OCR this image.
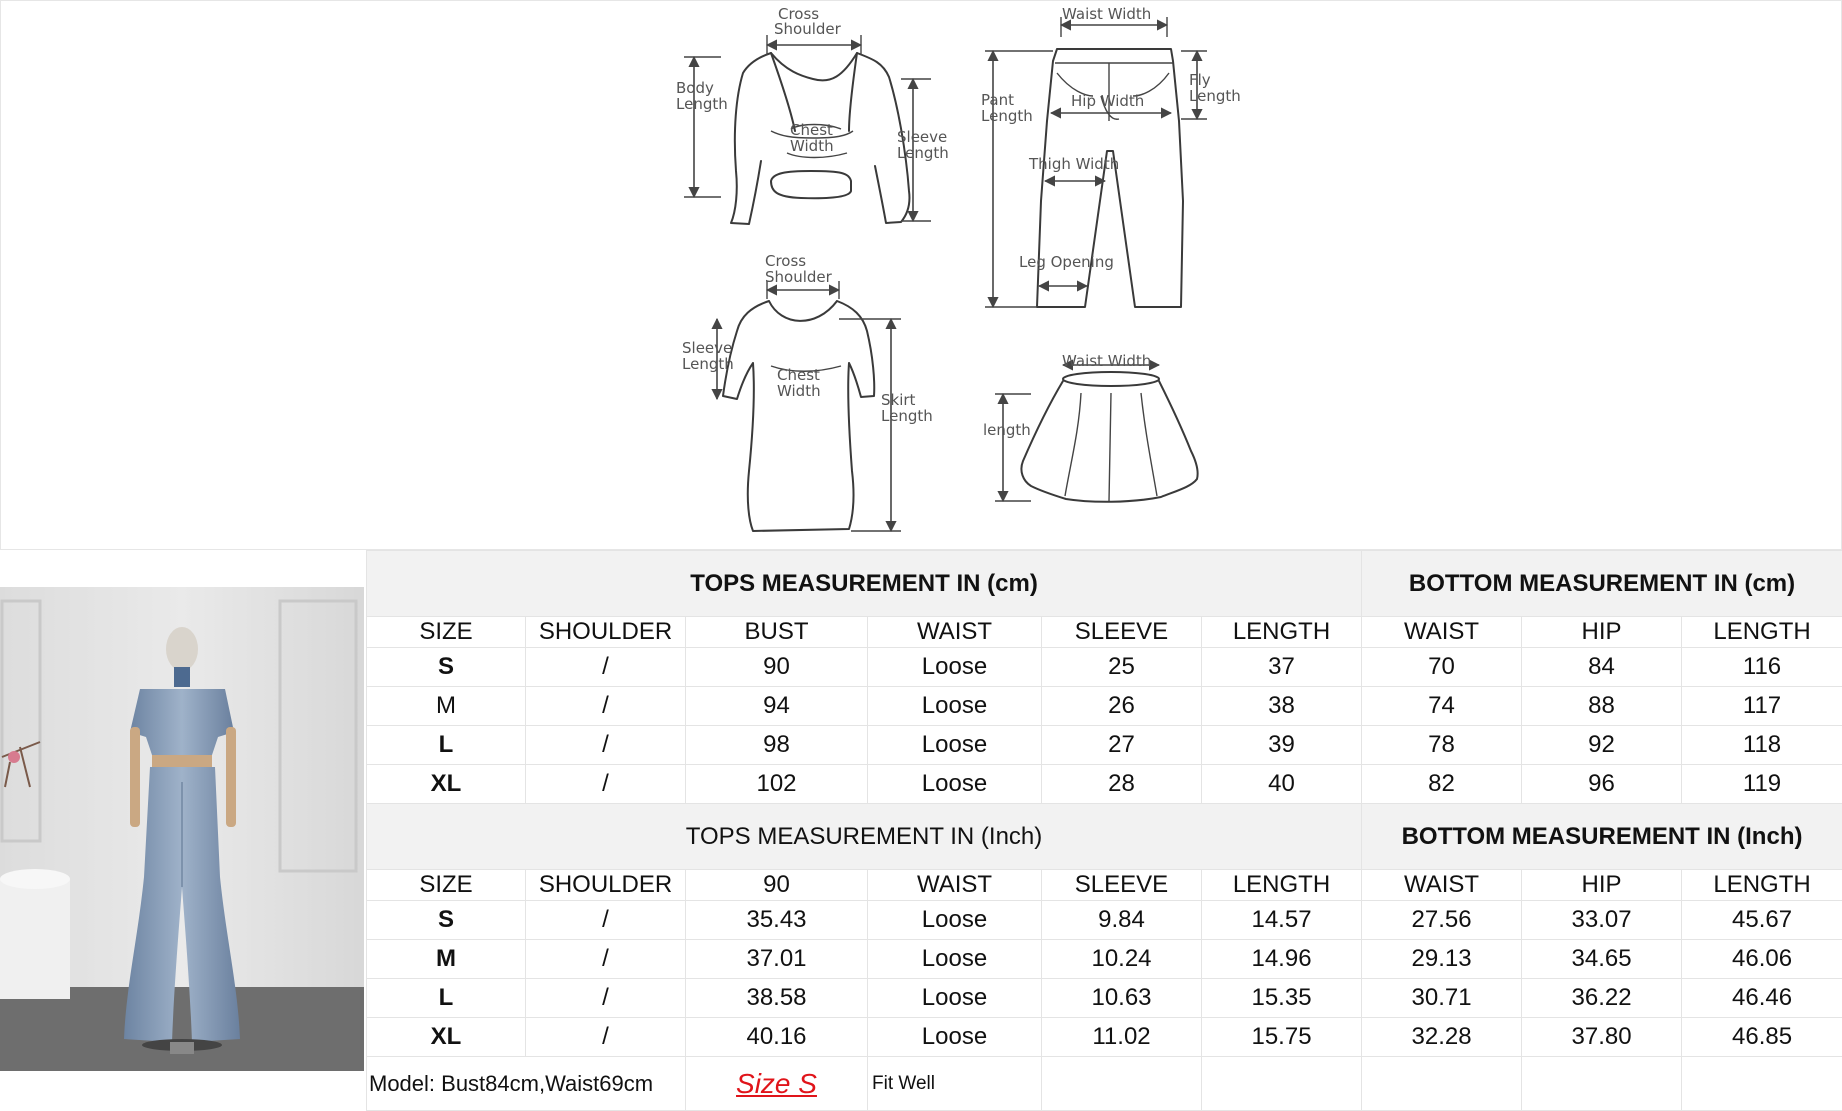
Cross
Shoulder
Body
Length
Chest
Width	Sleeve
Length
Waist Width
Fly
Length
Pant
Length
Hip Width
Thigh Width
Leg Opening
Cross
Shoulder
Sleeve
Length
Chest
Width	Skirt
Length
Waist Width
length
TOPS MEASUREMENT IN (cm)						BOTTOM MEASUREMENT IN (cm)		
SIZE	SHOULDER	BUST	WAIST	SLEEVE	LENGTH	WAIST	HIP	LENGTH
S	/	90	Loose	25	37	70	84	116
M	/	94	Loose	26	38	74	88	117
L	/	98	Loose	27	39	78	92	118
XL	/	102	Loose	28	40	82	96	119
TOPS MEASUREMENT IN (Inch)						BOTTOM MEASUREMENT IN (Inch)		
SIZE	SHOULDER	90	WAIST	SLEEVE	LENGTH	WAIST	HIP	LENGTH
S	/	35.43	Loose	9.84	14.57	27.56	33.07	45.67
M	/	37.01	Loose	10.24	14.96	29.13	34.65	46.06
L	/	38.58	Loose	10.63	15.35	30.71	36.22	46.46
XL	/	40.16	Loose	11.02	15.75	32.28	37.80	46.85
Model: Bust84cm,Waist69cm		Size S	Fit Well					
